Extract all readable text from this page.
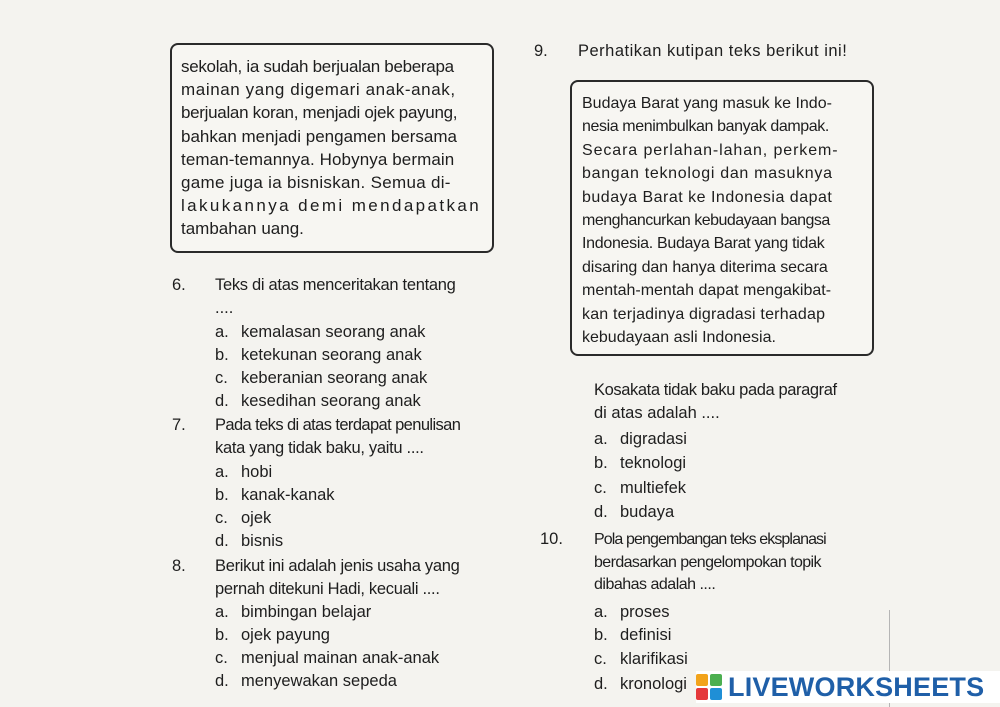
sekolah, ia sudah berjualan beberapa

mainan yang digemari anak-anak,

berjualan koran, menjadi ojek payung,

bahkan menjadi pengamen bersama

teman-temannya. Hobynya bermain

game juga ia bisniskan. Semua di-

lakukannya demi mendapatkan

tambahan uang.

6. Teks di atas menceritakan tentang
....
a. kemalasan seorang anak
b. ketekunan seorang anak
c. keberanian seorang anak
d. kesedihan seorang anak
7. Pada teks di atas terdapat penulisan
kata yang tidak baku, yaitu ....
a. hobi
b. kanak-kanak
c. ojek
d. bisnis
8. Berikut ini adalah jenis usaha yang
pernah ditekuni Hadi, kecuali ....
a. bimbingan belajar
b. ojek payung
c. menjual mainan anak-anak
d. menyewakan sepeda
9. Perhatikan kutipan teks berikut ini!

Budaya Barat yang masuk ke Indo-

nesia menimbulkan banyak dampak.

Secara perlahan-lahan, perkem-

bangan teknologi dan masuknya

budaya Barat ke Indonesia dapat

menghancurkan kebudayaan bangsa

Indonesia. Budaya Barat yang tidak

disaring dan hanya diterima secara

mentah-mentah dapat mengakibat-

kan terjadinya digradasi terhadap

kebudayaan asli Indonesia.

Kosakata tidak baku pada paragraf
di atas adalah ....
a. digradasi
b. teknologi
c. multiefek
d. budaya
10. Pola pengembangan teks eksplanasi
berdasarkan pengelompokan topik
dibahas adalah ....
a. proses
b. definisi
c. klarifikasi
d. kronologi LIVEWORKSHEETS
